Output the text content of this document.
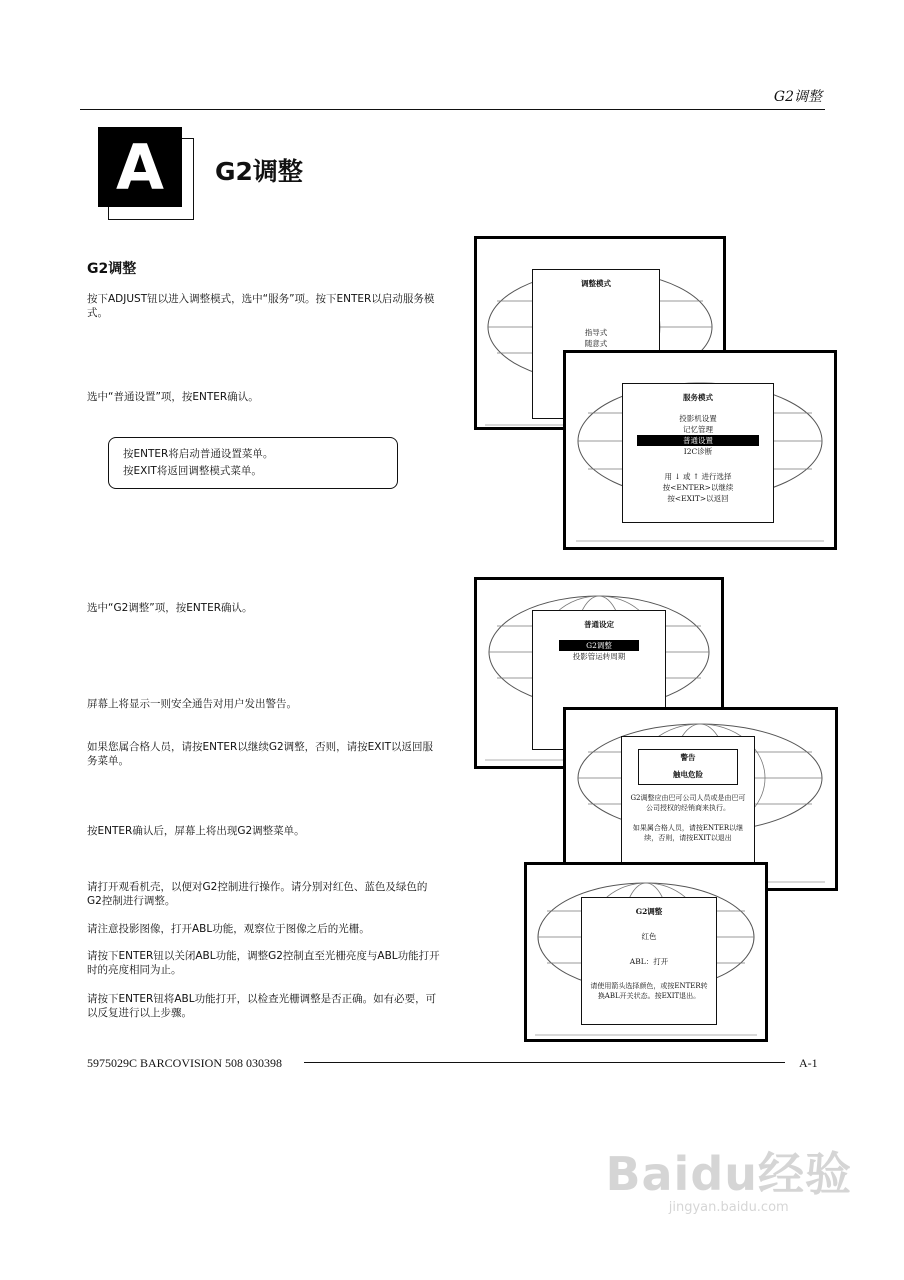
G2调整
A	G2调整
G2调整
按下ADJUST钮以进入调整模式，选中“服务”项。按下ENTER以启动服务模式。
选中“普通设置”项，按ENTER确认。
按ENTER将启动普通设置菜单。
按EXIT将返回调整模式菜单。
选中“G2调整”项，按ENTER确认。
屏幕上将显示一则安全通告对用户发出警告。
如果您属合格人员，请按ENTER以继续G2调整，否则，请按EXIT以返回服务菜单。
按ENTER确认后，屏幕上将出现G2调整菜单。
请打开观看机壳，以便对G2控制进行操作。请分别对红色、蓝色及绿色的G2控制进行调整。
请注意投影图像，打开ABL功能，观察位于图像之后的光栅。
请按下ENTER钮以关闭ABL功能，调整G2控制直至光栅亮度与ABL功能打开时的亮度相同为止。
请按下ENTER钮将ABL功能打开，以检查光栅调整是否正确。如有必要，可以反复进行以上步骤。
调整模式
指导式
随意式
服务模式
投影机设置
记忆管理
普通设置
I2C诊断
用 ↓ 或 ↑ 进行选择
按<ENTER>以继续
按<EXIT>以返回
普通设定
G2调整
投影管运转周期
警告
触电危险
G2调整应由巴可公司人员或是由巴可公司授权的经销商来执行。
如果属合格人员，请按ENTER以继续，否则，请按EXIT以退出
G2调整
红色
ABL：打开
请使用箭头选择颜色，或按ENTER转换ABL开关状态。按EXIT退出。
5975029C BARCOVISION 508 030398	A-1
Baidu经验
jingyan.baidu.com
